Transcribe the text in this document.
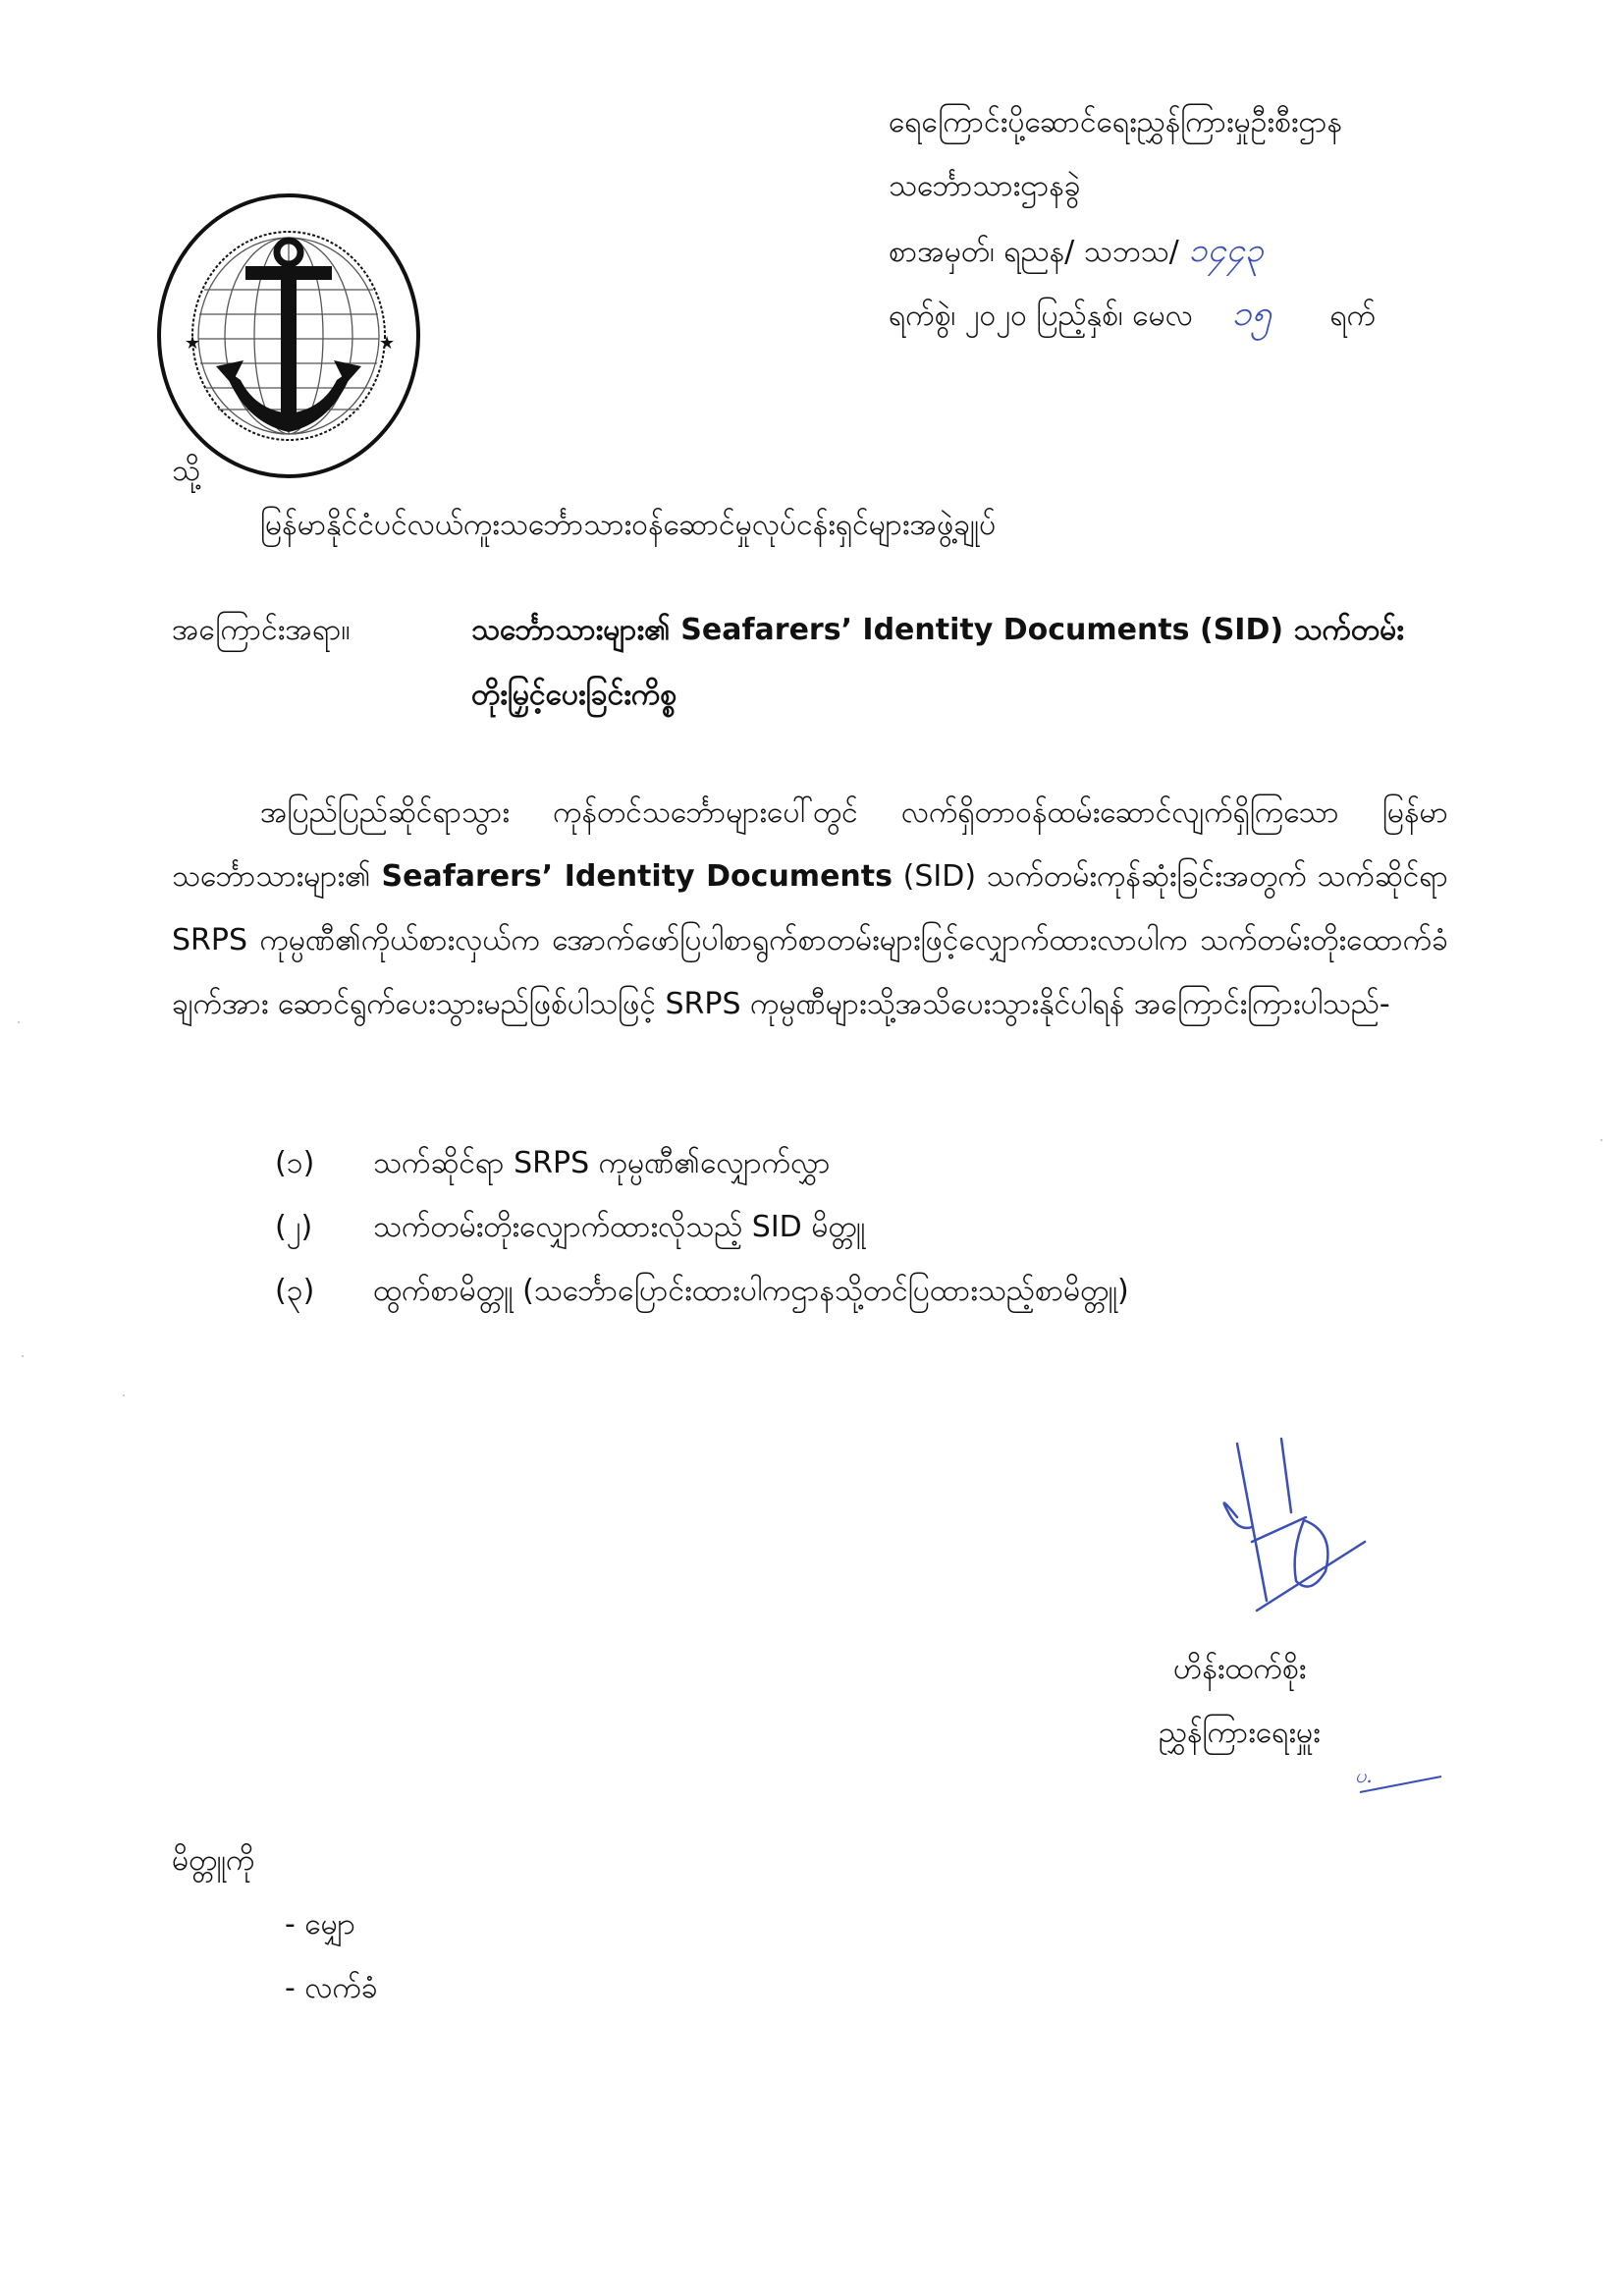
★	★
ရေကြောင်းပို့ဆောင်ရေးညွှန်ကြားမှုဦးစီးဌာန
သင်္ဘောသားဌာနခွဲ
စာအမှတ်၊ ရညန/ သဘသ/ ၁၄၄၃
ရက်စွဲ၊ ၂၀၂၀ ပြည့်နှစ်၊ မေလ ၁၅ ရက်
သို့
မြန်မာနိုင်ငံပင်လယ်ကူးသင်္ဘောသားဝန်ဆောင်မှုလုပ်ငန်းရှင်များအဖွဲ့ချုပ်
အကြောင်းအရာ။	သင်္ဘောသားများ၏ Seafarers’ Identity Documents (SID) သက်တမ်း
တိုးမြှင့်ပေးခြင်းကိစ္စ
အပြည်ပြည်ဆိုင်ရာသွား ကုန်တင်သင်္ဘောများပေါ်တွင် လက်ရှိတာဝန်ထမ်းဆောင်လျက်ရှိကြသော မြန်မာသင်္ဘောသားများ၏ Seafarers’ Identity Documents (SID) သက်တမ်းကုန်ဆုံးခြင်းအတွက် သက်ဆိုင်ရာ SRPS ကုမ္ပဏီ၏ကိုယ်စားလှယ်က အောက်ဖော်ပြပါစာရွက်စာတမ်းများဖြင့်လျှောက်ထားလာပါက သက်တမ်းတိုးထောက်ခံချက်အား ဆောင်ရွက်ပေးသွားမည်ဖြစ်ပါသဖြင့် SRPS ကုမ္ပဏီများသို့အသိပေးသွားနိုင်ပါရန် အကြောင်းကြားပါသည်-
(၁) သက်ဆိုင်ရာ SRPS ကုမ္ပဏီ၏လျှောက်လွှာ
(၂) သက်တမ်းတိုးလျှောက်ထားလိုသည့် SID မိတ္တူ
(၃) ထွက်စာမိတ္တူ (သင်္ဘောပြောင်းထားပါကဌာနသို့တင်ပြထားသည့်စာမိတ္တူ)
ဟိန်းထက်စိုး
ညွှန်ကြားရေးမှူး
ပ.
မိတ္တူကို
- မျှော
- လက်ခံ
